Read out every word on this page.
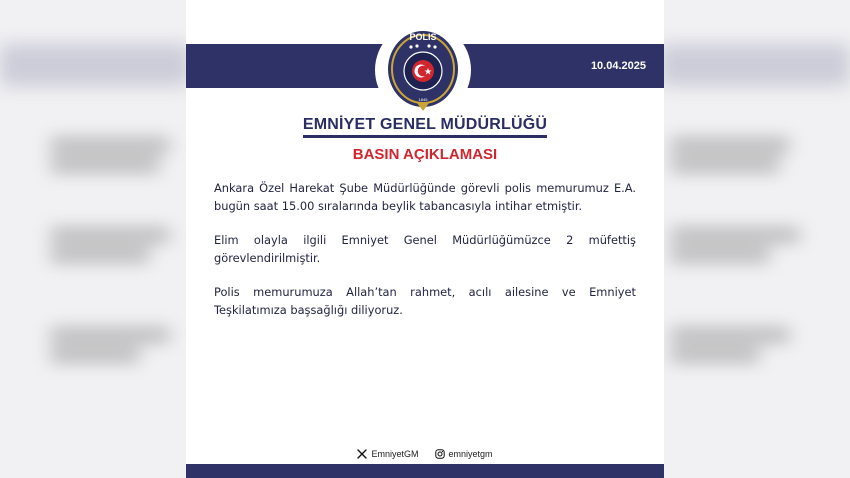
10.04.2025
POLIS
1845
EMNİYET GENEL MÜDÜRLÜĞÜ
BASIN AÇIKLAMASI

Ankara Özel Harekat Şube Müdürlüğünde görevli polis memurumuz E.A. bugün saat 15.00 sıralarında beylik tabancasıyla intihar etmiştir.

Elim olayla ilgili Emniyet Genel Müdürlüğümüzce 2 müfettiş görevlendirilmiştir.

Polis memurumuza Allah’tan rahmet, acılı ailesine ve Emniyet Teşkilatımıza başsağlığı diliyoruz.

EmniyetGM	emniyetgm
